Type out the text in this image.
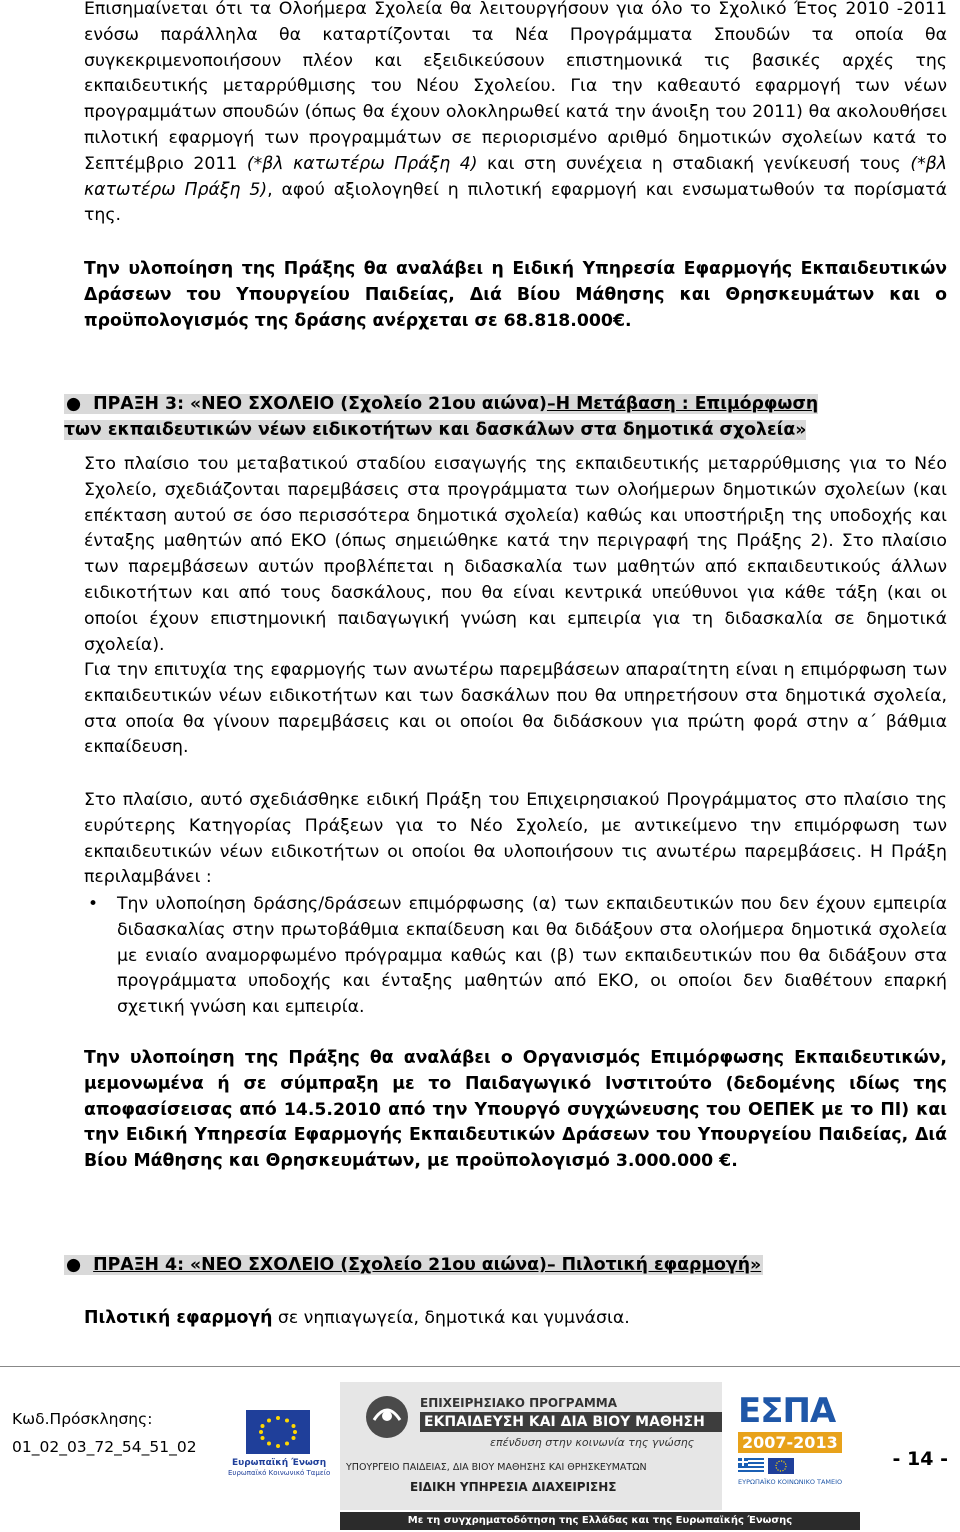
Επισημαίνεται ότι τα Ολοήμερα Σχολεία θα λειτουργήσουν για όλο το Σχολικό Έτος 2010 -2011 ενόσω παράλληλα θα καταρτίζονται τα Νέα Προγράμματα Σπουδών τα οποία θα συγκεκριμενοποιήσουν πλέον και εξειδικεύσουν επιστημονικά τις βασικές αρχές της εκπαιδευτικής μεταρρύθμισης του Νέου Σχολείου. Για την καθεαυτό εφαρμογή των νέων προγραμμάτων σπουδών (όπως θα έχουν ολοκληρωθεί κατά την άνοιξη του 2011) θα ακολουθήσει πιλοτική εφαρμογή των προγραμμάτων σε περιορισμένο αριθμό δημοτικών σχολείων κατά το Σεπτέμβριο 2011 (*βλ κατωτέρω Πράξη 4) και στη συνέχεια η σταδιακή γενίκευσή τους (*βλ κατωτέρω Πράξη 5), αφού αξιολογηθεί η πιλοτική εφαρμογή και ενσωματωθούν τα πορίσματά της.

Την υλοποίηση της Πράξης θα αναλάβει η Ειδική Υπηρεσία Εφαρμογής Εκπαιδευτικών Δράσεων του Υπουργείου Παιδείας, Διά Βίου Μάθησης και Θρησκευμάτων και ο προϋπολογισμός της δράσης ανέρχεται σε 68.818.000€.

● ΠΡΑΞΗ 3: «ΝΕΟ ΣΧΟΛΕΙΟ (Σχολείο 21ου αιώνα)–Η Μετάβαση : Επιμόρφωση
των εκπαιδευτικών νέων ειδικοτήτων και δασκάλων στα δημοτικά σχολεία»

Στο πλαίσιο του μεταβατικού σταδίου εισαγωγής της εκπαιδευτικής μεταρρύθμισης για το Νέο Σχολείο, σχεδιάζονται παρεμβάσεις στα προγράμματα των ολοήμερων δημοτικών σχολείων (και επέκταση αυτού σε όσο περισσότερα δημοτικά σχολεία) καθώς και υποστήριξη της υποδοχής και ένταξης μαθητών από ΕΚΟ (όπως σημειώθηκε κατά την περιγραφή της Πράξης 2). Στο πλαίσιο των παρεμβάσεων αυτών προβλέπεται η διδασκαλία των μαθητών από εκπαιδευτικούς άλλων ειδικοτήτων και από τους δασκάλους, που θα είναι κεντρικά υπεύθυνοι για κάθε τάξη (και οι οποίοι έχουν επιστημονική παιδαγωγική γνώση και εμπειρία για τη διδασκαλία σε δημοτικά σχολεία).

Για την επιτυχία της εφαρμογής των ανωτέρω παρεμβάσεων απαραίτητη είναι η επιμόρφωση των εκπαιδευτικών νέων ειδικοτήτων και των δασκάλων που θα υπηρετήσουν στα δημοτικά σχολεία, στα οποία θα γίνουν παρεμβάσεις και οι οποίοι θα διδάσκουν για πρώτη φορά στην α΄ βάθμια εκπαίδευση.

Στο πλαίσιο, αυτό σχεδιάσθηκε ειδική Πράξη του Επιχειρησιακού Προγράμματος στο πλαίσιο της ευρύτερης Κατηγορίας Πράξεων για το Νέο Σχολείο, με αντικείμενο την επιμόρφωση των εκπαιδευτικών νέων ειδικοτήτων οι οποίοι θα υλοποιήσουν τις ανωτέρω παρεμβάσεις. Η Πράξη περιλαμβάνει :

• Την υλοποίηση δράσης/δράσεων επιμόρφωσης (α) των εκπαιδευτικών που δεν έχουν εμπειρία διδασκαλίας στην πρωτοβάθμια εκπαίδευση και θα διδάξουν στα ολοήμερα δημοτικά σχολεία με ενιαίο αναμορφωμένο πρόγραμμα καθώς και (β) των εκπαιδευτικών που θα διδάξουν στα προγράμματα υποδοχής και ένταξης μαθητών από ΕΚΟ, οι οποίοι δεν διαθέτουν επαρκή σχετική γνώση και εμπειρία.

Την υλοποίηση της Πράξης θα αναλάβει ο Οργανισμός Επιμόρφωσης Εκπαιδευτικών, μεμονωμένα ή σε σύμπραξη με το Παιδαγωγικό Ινστιτούτο (δεδομένης ιδίως της αποφασίσεισας από 14.5.2010 από την Υπουργό συγχώνευσης του ΟΕΠΕΚ με το ΠΙ) και την Ειδική Υπηρεσία Εφαρμογής Εκπαιδευτικών Δράσεων του Υπουργείου Παιδείας, Διά Βίου Μάθησης και Θρησκευμάτων, με προϋπολογισμό 3.000.000 €.

● ΠΡΑΞΗ 4: «ΝΕΟ ΣΧΟΛΕΙΟ (Σχολείο 21ου αιώνα)– Πιλοτική εφαρμογή»

Πιλοτική εφαρμογή σε νηπιαγωγεία, δημοτικά και γυμνάσια.

Κωδ.Πρόσκλησης:
01_02_03_72_54_51_02
Ευρωπαϊκή Ένωση
Ευρωπαϊκό Κοινωνικό Ταμείο
ΕΠΙΧΕΙΡΗΣΙΑΚΟ ΠΡΟΓΡΑΜΜΑ
ΕΚΠΑΙΔΕΥΣΗ ΚΑΙ ΔΙΑ ΒΙΟΥ ΜΑΘΗΣΗ
επένδυση στην κοινωνία της γνώσης
ΥΠΟΥΡΓΕΙΟ ΠΑΙΔΕΙΑΣ, ΔΙΑ ΒΙΟΥ ΜΑΘΗΣΗΣ ΚΑΙ ΘΡΗΣΚΕΥΜΑΤΩΝ
ΕΙΔΙΚΗ ΥΠΗΡΕΣΙΑ ΔΙΑΧΕΙΡΙΣΗΣ
ΕΣΠΑ
2007-2013
ΕΥΡΩΠΑΪΚΟ ΚΟΙΝΩΝΙΚΟ ΤΑΜΕΙΟ
Με τη συγχρηματοδότηση της Ελλάδας και της Ευρωπαϊκής Ένωσης
- 14 -
